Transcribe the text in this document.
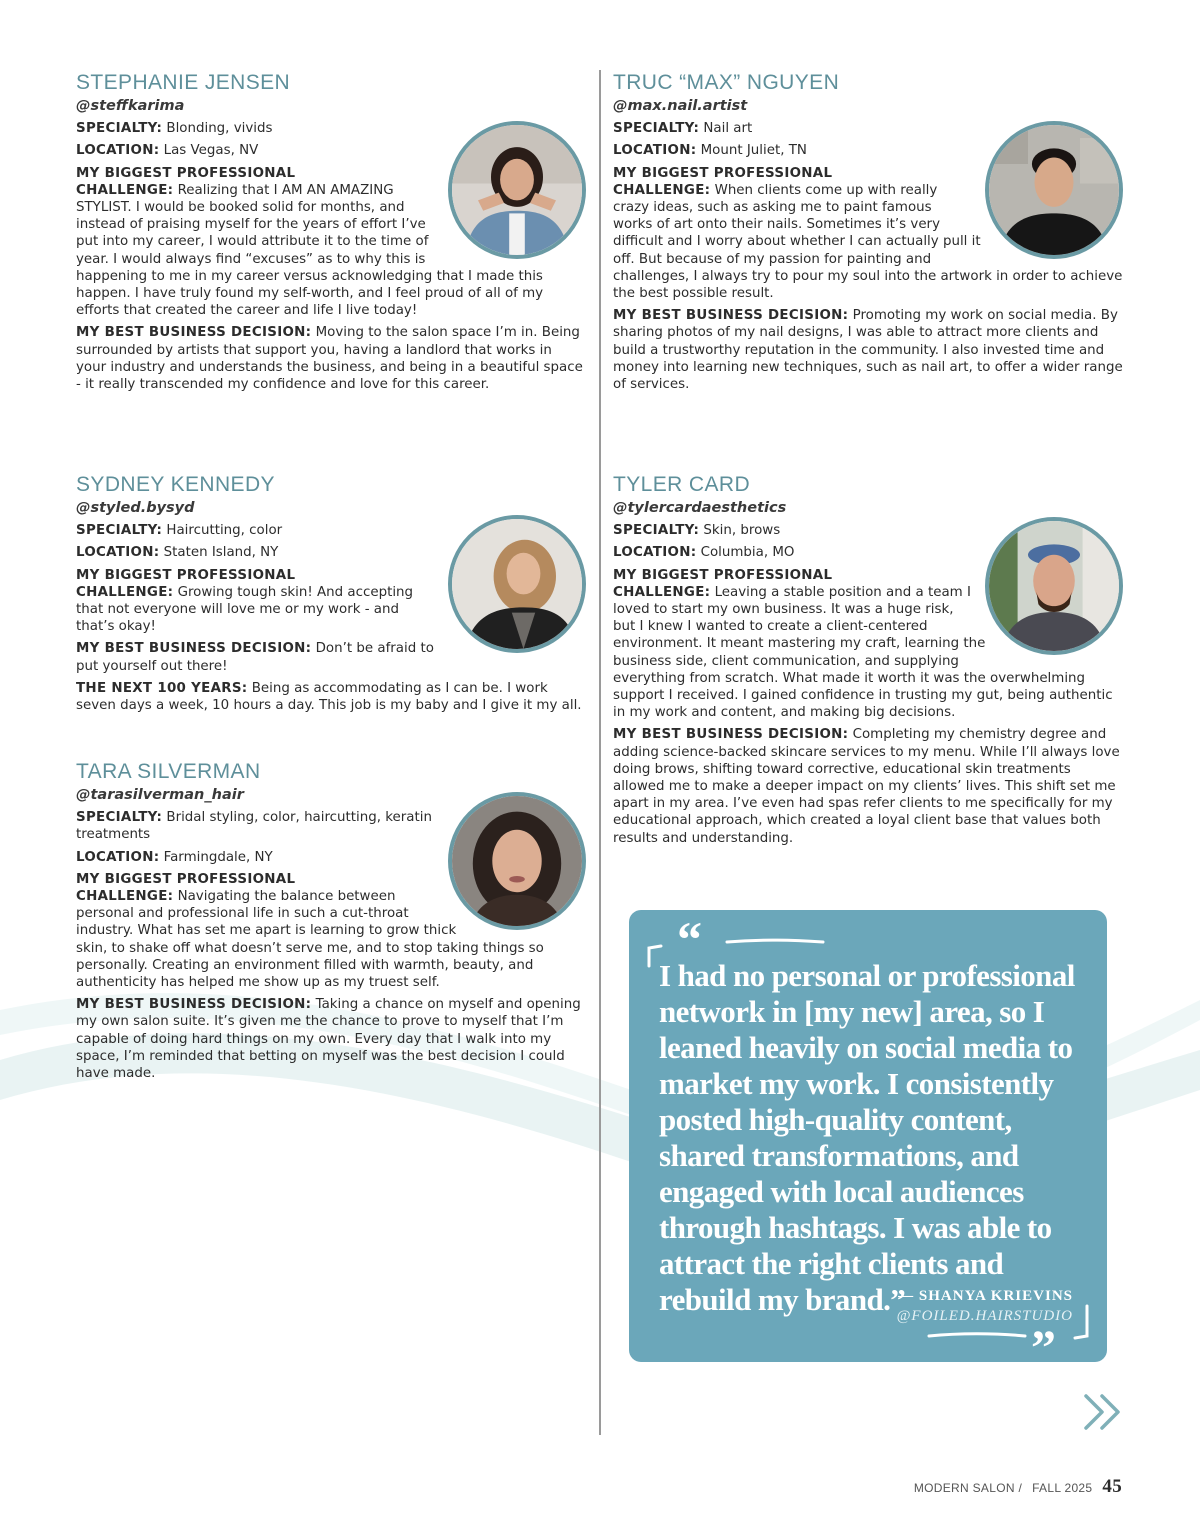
STEPHANIE JENSEN
@steffkarima

SPECIALTY: Blonding, vivids

LOCATION: Las Vegas, NV

MY BIGGEST PROFESSIONAL
CHALLENGE: Realizing that I AM AN AMAZING STYLIST. I would be booked solid for months, and instead of praising myself for the years of effort I’ve put into my career, I would attribute it to the time of year. I would always find “excuses” as to why this is happening to me in my career versus acknowledging that I made this happen. I have truly found my self-worth, and I feel proud of all of my efforts that created the career and life I live today!

MY BEST BUSINESS DECISION: Moving to the salon space I’m in. Being surrounded by artists that support you, having a landlord that works in your industry and understands the business, and being in a beautiful space - it really transcended my confidence and love for this career.

TRUC “MAX” NGUYEN
@max.nail.artist

SPECIALTY: Nail art

LOCATION: Mount Juliet, TN

MY BIGGEST PROFESSIONAL
CHALLENGE: When clients come up with really crazy ideas, such as asking me to paint famous works of art onto their nails. Sometimes it’s very difficult and I worry about whether I can actually pull it off. But because of my passion for painting and challenges, I always try to pour my soul into the artwork in order to achieve the best possible result.

MY BEST BUSINESS DECISION: Promoting my work on social media. By sharing photos of my nail designs, I was able to attract more clients and build a trustworthy reputation in the community. I also invested time and money into learning new techniques, such as nail art, to offer a wider range of services.

SYDNEY KENNEDY
@styled.bysyd

SPECIALTY: Haircutting, color

LOCATION: Staten Island, NY

MY BIGGEST PROFESSIONAL
CHALLENGE: Growing tough skin! And accepting that not everyone will love me or my work - and that’s okay!

MY BEST BUSINESS DECISION: Don’t be afraid to put yourself out there!

THE NEXT 100 YEARS: Being as accommodating as I can be. I work seven days a week, 10 hours a day. This job is my baby and I give it my all.

TYLER CARD
@tylercardaesthetics

SPECIALTY: Skin, brows

LOCATION: Columbia, MO

MY BIGGEST PROFESSIONAL
CHALLENGE: Leaving a stable position and a team I loved to start my own business. It was a huge risk, but I knew I wanted to create a client-centered environment. It meant mastering my craft, learning the business side, client communication, and supplying everything from scratch. What made it worth it was the overwhelming support I received. I gained confidence in trusting my gut, being authentic in my work and content, and making big decisions.

MY BEST BUSINESS DECISION: Completing my chemistry degree and adding science-backed skincare services to my menu. While I’ll always love doing brows, shifting toward corrective, educational skin treatments allowed me to make a deeper impact on my clients’ lives. This shift set me apart in my area. I’ve even had spas refer clients to me specifically for my educational approach, which created a loyal client base that values both results and understanding.

TARA SILVERMAN
@tarasilverman_hair

SPECIALTY: Bridal styling, color, haircutting, keratin treatments

LOCATION: Farmingdale, NY

MY BIGGEST PROFESSIONAL
CHALLENGE: Navigating the balance between personal and professional life in such a cut-throat industry. What has set me apart is learning to grow thick skin, to shake off what doesn’t serve me, and to stop taking things so personally. Creating an environment filled with warmth, beauty, and authenticity has helped me show up as my truest self.

MY BEST BUSINESS DECISION: Taking a chance on myself and opening my own salon suite. It’s given me the chance to prove to myself that I’m capable of doing hard things on my own. Every day that I walk into my space, I’m reminded that betting on myself was the best decision I could have made.

“
I had no personal or professional network in [my new] area, so I leaned heavily on social media to market my work. I consistently posted high-quality content, shared transformations, and engaged with local audiences through hashtags. I was able to attract the right clients and rebuild my brand.”
— SHANYA KRIEVINS
@FOILED.HAIRSTUDIO
”
MODERN SALON / FALL 2025 45
